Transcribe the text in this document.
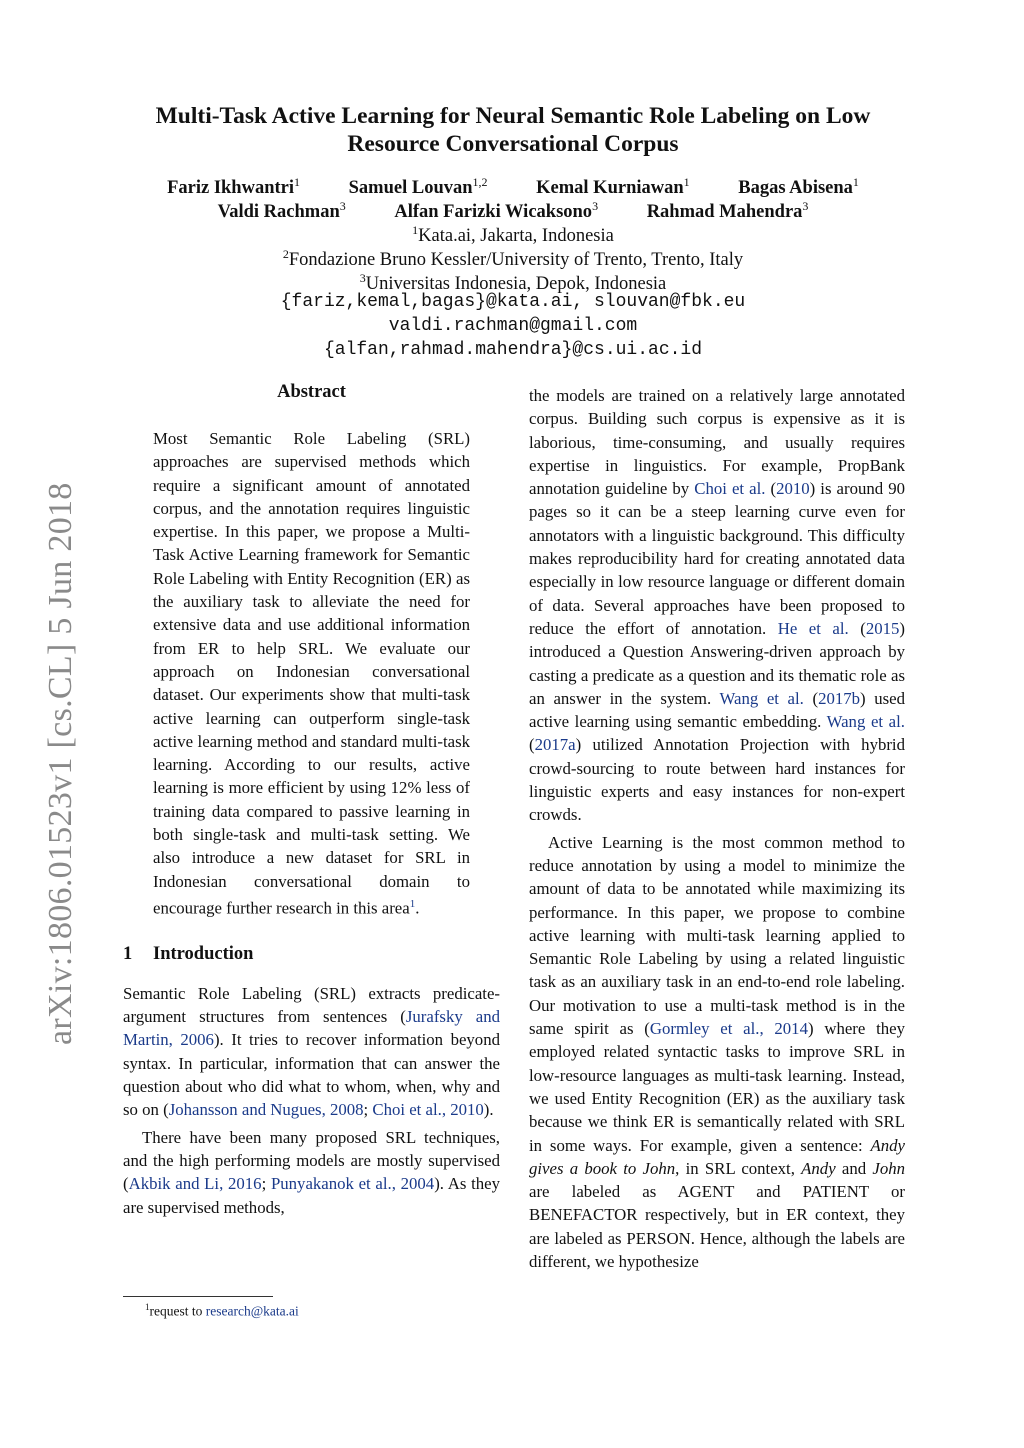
arXiv:1806.01523v1 [cs.CL] 5 Jun 2018
Multi-Task Active Learning for Neural Semantic Role Labeling on Low
Resource Conversational Corpus
Fariz Ikhwantri$^1$	Samuel Louvan$^{1,2}$	Kemal Kurniawan$^1$	Bagas Abisena$^1$
Valdi Rachman$^3$	Alfan Farizki Wicaksono$^3$	Rahmad Mahendra$^3$
$^1$Kata.ai, Jakarta, Indonesia
$^2$Fondazione Bruno Kessler/University of Trento, Trento, Italy
$^3$Universitas Indonesia, Depok, Indonesia
{fariz,kemal,bagas}@kata.ai, slouvan@fbk.eu
valdi.rachman@gmail.com
{alfan,rahmad.mahendra}@cs.ui.ac.id
Abstract
Most Semantic Role Labeling (SRL) approaches are supervised methods which require a significant amount of annotated corpus, and the annotation requires linguistic expertise. In this paper, we propose a Multi-Task Active Learning framework for Semantic Role Labeling with Entity Recognition (ER) as the auxiliary task to alleviate the need for extensive data and use additional information from ER to help SRL. We evaluate our approach on Indonesian conversational dataset. Our experiments show that multi-task active learning can outperform single-task active learning method and standard multi-task learning. According to our results, active learning is more efficient by using 12% less of training data compared to passive learning in both single-task and multi-task setting. We also introduce a new dataset for SRL in Indonesian conversational domain to encourage further research in this area$^1$.
1 Introduction

Semantic Role Labeling (SRL) extracts predicate-argument structures from sentences (Jurafsky and Martin, 2006). It tries to recover information beyond syntax. In particular, information that can answer the question about who did what to whom, when, why and so on (Johansson and Nugues, 2008; Choi et al., 2010).

There have been many proposed SRL techniques, and the high performing models are mostly supervised (Akbik and Li, 2016; Punyakanok et al., 2004). As they are supervised methods,

the models are trained on a relatively large annotated corpus. Building such corpus is expensive as it is laborious, time-consuming, and usually requires expertise in linguistics. For example, PropBank annotation guideline by Choi et al. (2010) is around 90 pages so it can be a steep learning curve even for annotators with a linguistic background. This difficulty makes reproducibility hard for creating annotated data especially in low resource language or different domain of data. Several approaches have been proposed to reduce the effort of annotation. He et al. (2015) introduced a Question Answering-driven approach by casting a predicate as a question and its thematic role as an answer in the system. Wang et al. (2017b) used active learning using semantic embedding. Wang et al. (2017a) utilized Annotation Projection with hybrid crowd-sourcing to route between hard instances for linguistic experts and easy instances for non-expert crowds.

Active Learning is the most common method to reduce annotation by using a model to minimize the amount of data to be annotated while maximizing its performance. In this paper, we propose to combine active learning with multi-task learning applied to Semantic Role Labeling by using a related linguistic task as an auxiliary task in an end-to-end role labeling. Our motivation to use a multi-task method is in the same spirit as (Gormley et al., 2014) where they employed related syntactic tasks to improve SRL in low-resource languages as multi-task learning. Instead, we used Entity Recognition (ER) as the auxiliary task because we think ER is semantically related with SRL in some ways. For example, given a sentence: Andy gives a book to John, in SRL context, Andy and John are labeled as AGENT and PATIENT or BENEFACTOR respectively, but in ER context, they are labeled as PERSON. Hence, although the labels are different, we hypothesize

$^1$request to research@kata.ai
